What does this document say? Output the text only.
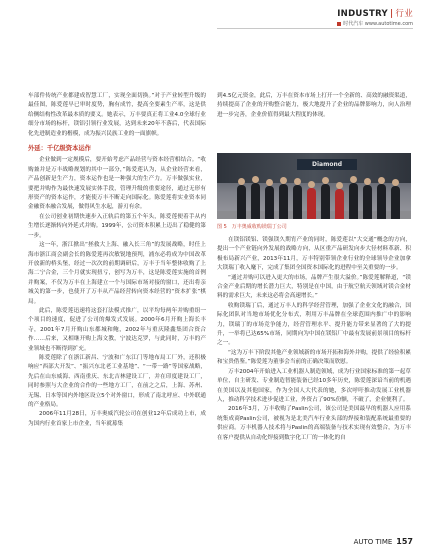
INDUSTRY | 行业
时代汽车 www.autotime.com

车部件传统产业都建成智慧工厂，实现全面切换。”对于产业转型升级的最佳图，陈爱莲早已审时度势，胸有成竹，提高全要素生产率，这是供给侧结构性改革最本质的要义。她表示，万丰要真正将工业4.0全球行业细分市场的标杆，镁铝引领行业发展，达到未来20年不落后，代表国际化先进制造业的楷模，成为振兴民族工业的一面旗帜。

外延：千亿级资本运作

企业做到一定规模后，要开始考虑产品经营与资本经营相结合。“收购兼并是万丰战略规划的其中一部分，”陈爱莲认为，从企业经营来看，产品创新是生产力，资本运作也是一种强大的生产力。万丰做强实业，要把并购作为最快速发展实体手段，管理升级的重要途径，通过无形有形资产的资本运作，才能使万丰不断走向国际化。陈爱莲将实业资本同金融资本融合发展，做得风生水起，游刃有余。

在公司创业初期快速步入正轨后的第五个年头，陈爱莲便着手从内生增长逐渐转向外延式并购。1999年，公司资本积累上迈出了稳健的第一步。

这一年，浙江掀出“拯救大上海、融入长三角”的发展战略，时任上海市浙江商会副会长的陈爱莲再次敏锐地预判，浦东必将成为中国改革开放新的桥头堡，经过一次次的前期调研后，万丰于当年整体收购了上海二宁合金，三个月就实现扭亏，创写为万丰，这是陈爱莲实施的首例并购案，不仅为万丰在上海建立一个与国际市场对接的窗口，还出将亲城关的第一步，也使开了万丰从产品经营转向资本经营的“资本扩张”棋局。

此后，陈爱莲迅速将这套打法模式推广，以平均每两年并购重组一个项目的速度，促进了公司的爆发式发展。2000年6月开购上海长丰寺，2001年7月开购山东都城和鲍，2002年与重庆隆鑫集团合资合作……后来，又相继开购上海文教，宁波达克罗，与此同时，万丰的产业领域也不断得到扩充。

陈爱莲除了在浙江新昌、宁波和广东江门等地布局工厂外，还积极响应“西部大开发”、“振兴东北老工业基地”、“一带一路”等国家战略，先后在山东威海、西南重庆、东北吉林建设工厂，并在印度建设工厂，同时参照与大企业的合作的一些地方工厂，在前之之后，上海、苏州、无锡、日本等国内外地区设立5个对外窗口，形成了南北呼应、中外联通的产业格局。

2006年11月28日，万丰奥威汽轮公司在创业12年后成功上市，成为国内行业首家上市企业，当年就募集

到4.5亿元资金，此后，万丰在资本市场上打开一个全新的、高效的融资渠道，持续提高了企业的开购整合能力，极大地提升了企业的品牌影响力，向人治理进一步完善，企业价值得到最大程度的体现。

Diamond
图 5 万丰奥威收购镁瑞丁公司

在镁铝镁铝、镁强镁久期宵产业的同时，陈爱莲以“大交通”概念的方向，提出一个产业链向外发展的战略方向，从区重产品研发向步大径材料革新、积极布局新兴产业，2013年11月，万丰特别带领企业行业的全球领导企业加拿大镁瑞丁收入麾下，完成了集团全国资本国际化的进程中至关重要的一步。

“通过并购可以进入更大的市场，品牌产生很大溢价。”陈爱莲解释道，“镁合金产业后期的增长潜力巨大，特别是在中国，由于航空航天领域对镁合金材料的需求巨大，未来这必将会高速增长。”

收购镁瑞丁后，通过万丰人的科学经营管理，加强了企业文化的融合，国际化团队对当地市场优化分布式，利用万丰品牌在全球范围内推广中的影响力，镁瑞丁的市场竞争能力，经营管理水平、提升能力带来显著的了大的提升，一举将已达65%市场，同期向为中国在镁铝厂中最有发展前景项目的标杆之一。

“这为万丰下阶段其他产业领域新的市场开拓和海外并购，提供了经验积累和宝贵借鉴。”陈爱莲为董事会当前的正确决策而欣慰。

万丰2004年开始进入工业机器人制造领域，成为行业国家标准的第一起草单位，自主研发、专业制造智能装备已经10多年历史，陈爱莲深谙当前的机遇在美国以及其他国家，作为全国人大代表的她，多次呼吁推动发展工业机器人，推动科学技术进步促进工业，外资占了90%份额，不破了，企业便利了。

2016年3月，万丰收购了Paslin公司，该公司是美国最早的机器人应用系统集成商Paslin公司，被视为是北美汽车行业头部的焊接和装配系统最重要的供应商。万丰机器人技术将与Paslin的高端装备与技术实现有效整合，为万丰在客户提供从自动化焊接到数字化工厂的一体化的自

AUTO TIME 157
